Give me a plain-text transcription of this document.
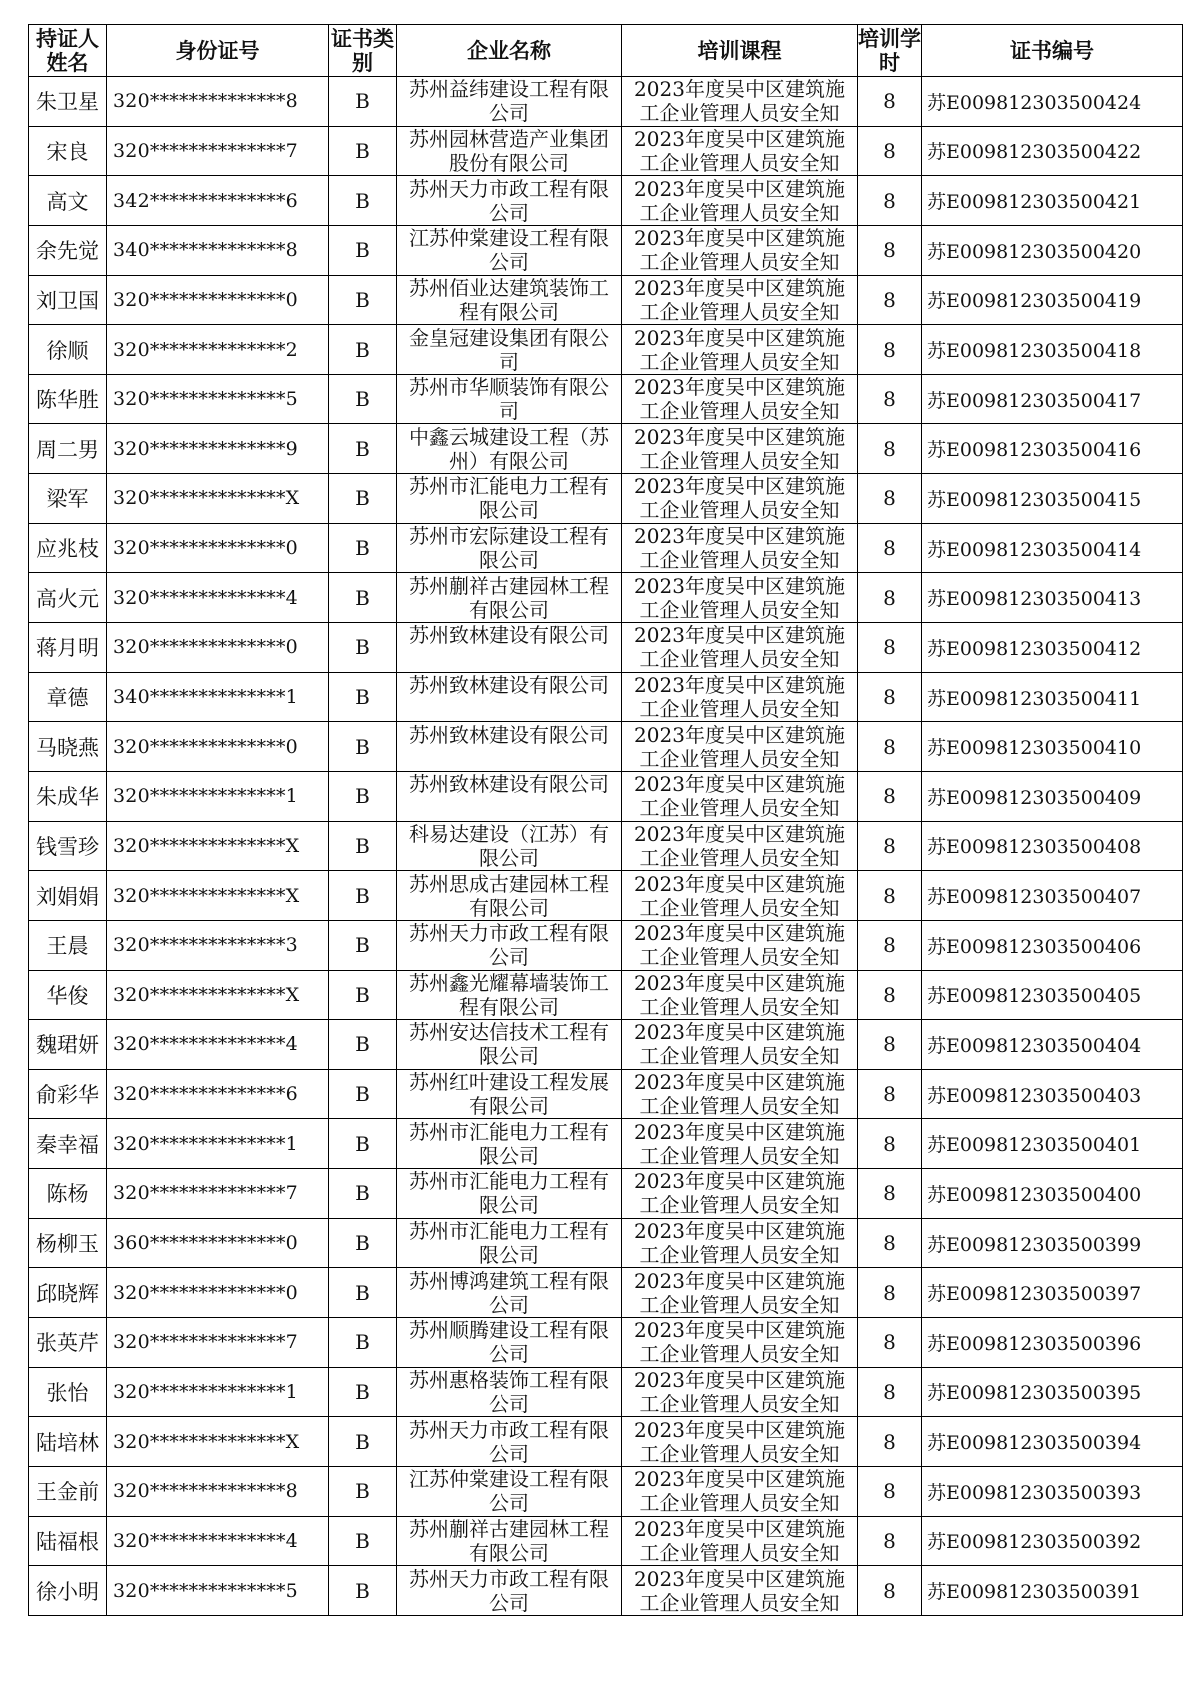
持证人姓名	身份证号	证书类别	企业名称	培训课程	培训学时	证书编号
朱卫星	320**************8	B	苏州益纬建设工程有限公司	2023年度吴中区建筑施工企业管理人员安全知	8	苏E009812303500424
宋良	320**************7	B	苏州园林营造产业集团股份有限公司	2023年度吴中区建筑施工企业管理人员安全知	8	苏E009812303500422
高文	342**************6	B	苏州天力市政工程有限公司	2023年度吴中区建筑施工企业管理人员安全知	8	苏E009812303500421
余先觉	340**************8	B	江苏仲棠建设工程有限公司	2023年度吴中区建筑施工企业管理人员安全知	8	苏E009812303500420
刘卫国	320**************0	B	苏州佰业达建筑装饰工程有限公司	2023年度吴中区建筑施工企业管理人员安全知	8	苏E009812303500419
徐顺	320**************2	B	金皇冠建设集团有限公司	2023年度吴中区建筑施工企业管理人员安全知	8	苏E009812303500418
陈华胜	320**************5	B	苏州市华顺装饰有限公司	2023年度吴中区建筑施工企业管理人员安全知	8	苏E009812303500417
周二男	320**************9	B	中鑫云城建设工程（苏州）有限公司	2023年度吴中区建筑施工企业管理人员安全知	8	苏E009812303500416
梁军	320**************X	B	苏州市汇能电力工程有限公司	2023年度吴中区建筑施工企业管理人员安全知	8	苏E009812303500415
应兆枝	320**************0	B	苏州市宏际建设工程有限公司	2023年度吴中区建筑施工企业管理人员安全知	8	苏E009812303500414
高火元	320**************4	B	苏州蒯祥古建园林工程有限公司	2023年度吴中区建筑施工企业管理人员安全知	8	苏E009812303500413
蒋月明	320**************0	B	苏州致林建设有限公司	2023年度吴中区建筑施工企业管理人员安全知	8	苏E009812303500412
章德	340**************1	B	苏州致林建设有限公司	2023年度吴中区建筑施工企业管理人员安全知	8	苏E009812303500411
马晓燕	320**************0	B	苏州致林建设有限公司	2023年度吴中区建筑施工企业管理人员安全知	8	苏E009812303500410
朱成华	320**************1	B	苏州致林建设有限公司	2023年度吴中区建筑施工企业管理人员安全知	8	苏E009812303500409
钱雪珍	320**************X	B	科易达建设（江苏）有限公司	2023年度吴中区建筑施工企业管理人员安全知	8	苏E009812303500408
刘娟娟	320**************X	B	苏州思成古建园林工程有限公司	2023年度吴中区建筑施工企业管理人员安全知	8	苏E009812303500407
王晨	320**************3	B	苏州天力市政工程有限公司	2023年度吴中区建筑施工企业管理人员安全知	8	苏E009812303500406
华俊	320**************X	B	苏州鑫光耀幕墙装饰工程有限公司	2023年度吴中区建筑施工企业管理人员安全知	8	苏E009812303500405
魏珺妍	320**************4	B	苏州安达信技术工程有限公司	2023年度吴中区建筑施工企业管理人员安全知	8	苏E009812303500404
俞彩华	320**************6	B	苏州红叶建设工程发展有限公司	2023年度吴中区建筑施工企业管理人员安全知	8	苏E009812303500403
秦幸福	320**************1	B	苏州市汇能电力工程有限公司	2023年度吴中区建筑施工企业管理人员安全知	8	苏E009812303500401
陈杨	320**************7	B	苏州市汇能电力工程有限公司	2023年度吴中区建筑施工企业管理人员安全知	8	苏E009812303500400
杨柳玉	360**************0	B	苏州市汇能电力工程有限公司	2023年度吴中区建筑施工企业管理人员安全知	8	苏E009812303500399
邱晓辉	320**************0	B	苏州博鸿建筑工程有限公司	2023年度吴中区建筑施工企业管理人员安全知	8	苏E009812303500397
张英芹	320**************7	B	苏州顺腾建设工程有限公司	2023年度吴中区建筑施工企业管理人员安全知	8	苏E009812303500396
张怡	320**************1	B	苏州惠格装饰工程有限公司	2023年度吴中区建筑施工企业管理人员安全知	8	苏E009812303500395
陆培林	320**************X	B	苏州天力市政工程有限公司	2023年度吴中区建筑施工企业管理人员安全知	8	苏E009812303500394
王金前	320**************8	B	江苏仲棠建设工程有限公司	2023年度吴中区建筑施工企业管理人员安全知	8	苏E009812303500393
陆福根	320**************4	B	苏州蒯祥古建园林工程有限公司	2023年度吴中区建筑施工企业管理人员安全知	8	苏E009812303500392
徐小明	320**************5	B	苏州天力市政工程有限公司	2023年度吴中区建筑施工企业管理人员安全知	8	苏E009812303500391
